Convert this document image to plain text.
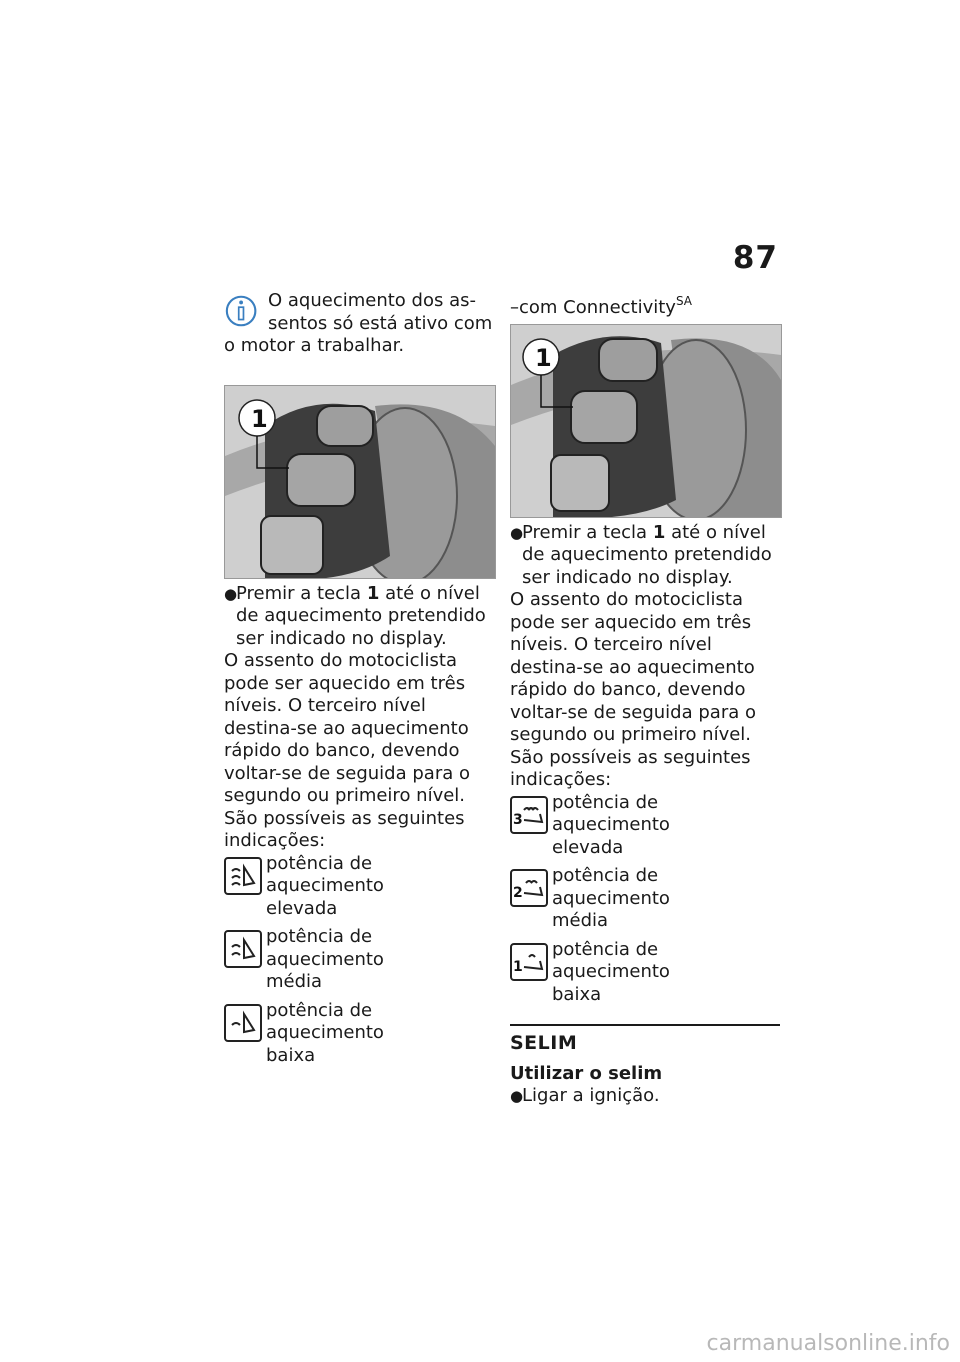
87
O aquecimento dos as-
sentos só está ativo com
o motor a trabalhar.
1
●
Premir a tecla 1 até o nível de aquecimento pretendido ser indicado no display.

O assento do motociclista pode ser aquecido em três níveis. O terceiro nível destina-se ao aquecimento rápido do banco, devendo voltar-se de seguida para o segundo ou primeiro nível. São possíveis as seguintes indicações:

potência de aquecimento
elevada
potência de aquecimento
média
potência de aquecimento
baixa
–com Connectivity$^{SA}$
1
●
Premir a tecla 1 até o nível de aquecimento pretendido ser indicado no display.

O assento do motociclista pode ser aquecido em três níveis. O terceiro nível destina-se ao aquecimento rápido do banco, devendo voltar-se de seguida para o segundo ou primeiro nível. São possíveis as seguintes indicações:

3
potência de aquecimento
elevada
2
potência de aquecimento
média
1
potência de aquecimento
baixa

SELIM

Utilizar o selim

●
Ligar a ignição.
carmanualsonline.info
